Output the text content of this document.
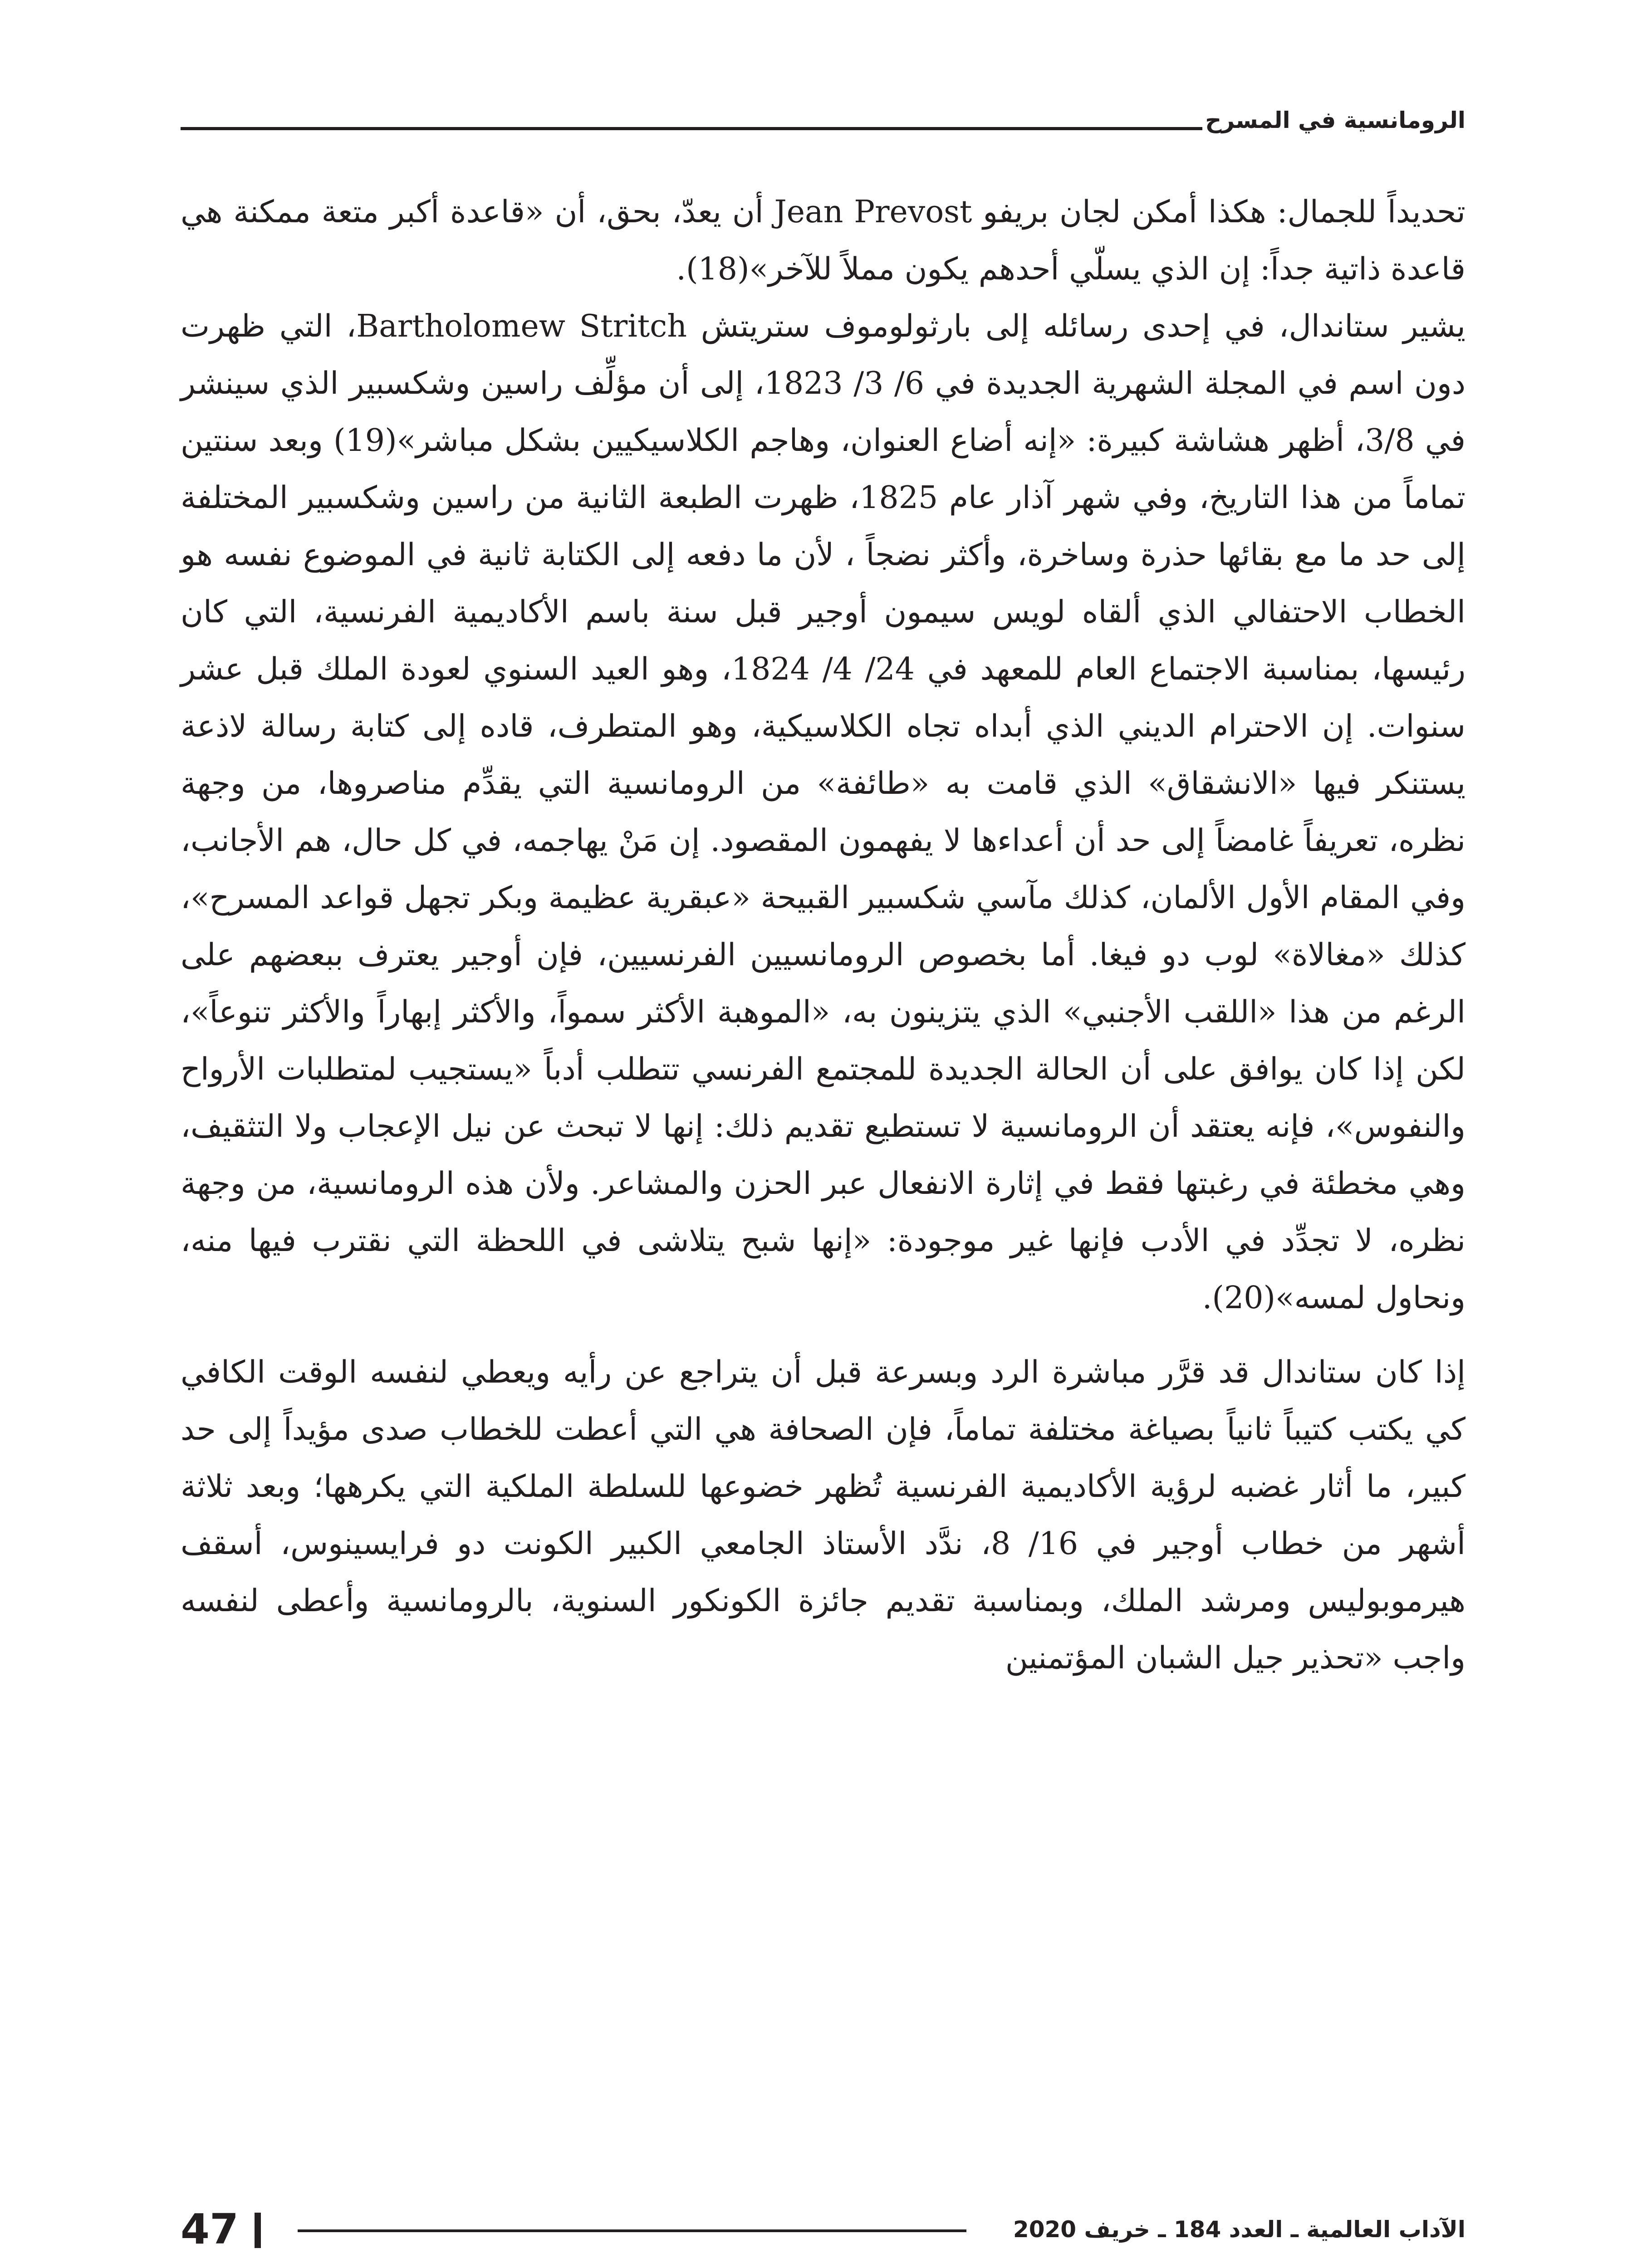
الرومانسية في المسرح

تحديداً للجمال: هكذا أمكن لجان بريفو Jean Prevost أن يعدّ، بحق، أن «قاعدة أكبر متعة ممكنة هي قاعدة ذاتية جداً: إن الذي يسلّي أحدهم يكون مملاً للآخر»(18).

يشير ستاندال، في إحدى رسائله إلى بارثولوموف ستريتش Bartholomew Stritch، التي ظهرت دون اسم في المجلة الشهرية الجديدة في 6/ 3/ 1823، إلى أن مؤلِّف راسين وشكسبير الذي سينشر في 3/8، أظهر هشاشة كبيرة: «إنه أضاع العنوان، وهاجم الكلاسيكيين بشكل مباشر»(19) وبعد سنتين تماماً من هذا التاريخ، وفي شهر آذار عام 1825، ظهرت الطبعة الثانية من راسين وشكسبير المختلفة إلى حد ما مع بقائها حذرة وساخرة، وأكثر نضجاً ، لأن ما دفعه إلى الكتابة ثانية في الموضوع نفسه هو الخطاب الاحتفالي الذي ألقاه لويس سيمون أوجير قبل سنة باسم الأكاديمية الفرنسية، التي كان رئيسها، بمناسبة الاجتماع العام للمعهد في 24/ 4/ 1824، وهو العيد السنوي لعودة الملك قبل عشر سنوات. إن الاحترام الديني الذي أبداه تجاه الكلاسيكية، وهو المتطرف، قاده إلى كتابة رسالة لاذعة يستنكر فيها «الانشقاق» الذي قامت به «طائفة» من الرومانسية التي يقدِّم مناصروها، من وجهة نظره، تعريفاً غامضاً إلى حد أن أعداءها لا يفهمون المقصود. إن مَنْ يهاجمه، في كل حال، هم الأجانب، وفي المقام الأول الألمان، كذلك مآسي شكسبير القبيحة «عبقرية عظيمة وبكر تجهل قواعد المسرح»، كذلك «مغالاة» لوب دو فيغا. أما بخصوص الرومانسيين الفرنسيين، فإن أوجير يعترف ببعضهم على الرغم من هذا «اللقب الأجنبي» الذي يتزينون به، «الموهبة الأكثر سمواً، والأكثر إبهاراً والأكثر تنوعاً»، لكن إذا كان يوافق على أن الحالة الجديدة للمجتمع الفرنسي تتطلب أدباً «يستجيب لمتطلبات الأرواح والنفوس»، فإنه يعتقد أن الرومانسية لا تستطيع تقديم ذلك: إنها لا تبحث عن نيل الإعجاب ولا التثقيف، وهي مخطئة في رغبتها فقط في إثارة الانفعال عبر الحزن والمشاعر. ولأن هذه الرومانسية، من وجهة نظره، لا تجدِّد في الأدب فإنها غير موجودة: «إنها شبح يتلاشى في اللحظة التي نقترب فيها منه، ونحاول لمسه»(20).

إذا كان ستاندال قد قرَّر مباشرة الرد وبسرعة قبل أن يتراجع عن رأيه ويعطي لنفسه الوقت الكافي كي يكتب كتيباً ثانياً بصياغة مختلفة تماماً، فإن الصحافة هي التي أعطت للخطاب صدى مؤيداً إلى حد كبير، ما أثار غضبه لرؤية الأكاديمية الفرنسية تُظهر خضوعها للسلطة الملكية التي يكرهها؛ وبعد ثلاثة أشهر من خطاب أوجير في 16/ 8، ندَّد الأستاذ الجامعي الكبير الكونت دو فرايسينوس، أسقف هيرموبوليس ومرشد الملك، وبمناسبة تقديم جائزة الكونكور السنوية، بالرومانسية وأعطى لنفسه واجب «تحذير جيل الشبان المؤتمنين

47	الآداب العالمية ـ العدد 184 ـ خريف 2020
